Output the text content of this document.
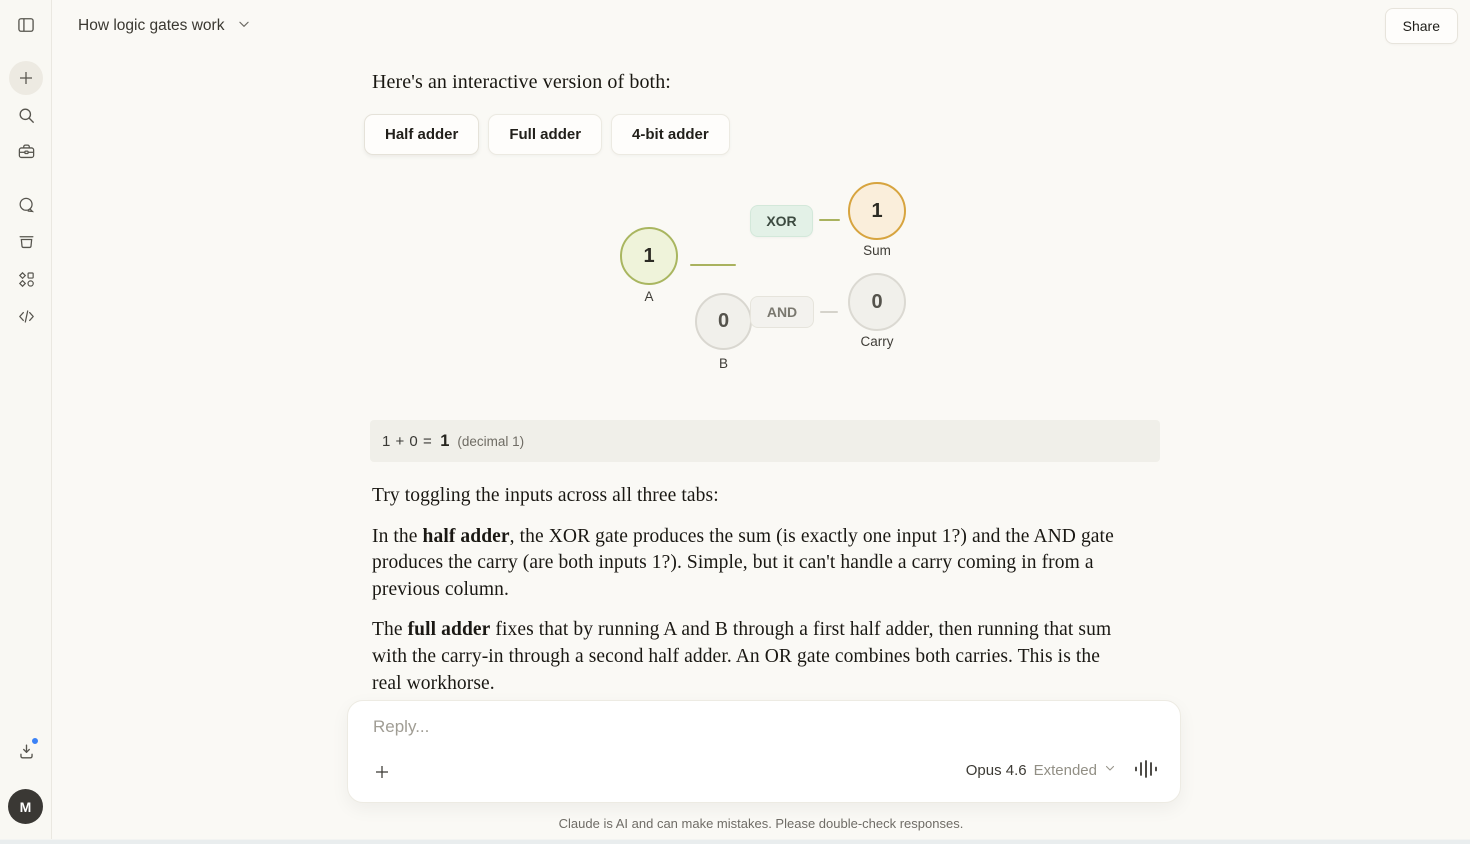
M
How logic gates work	Share

Here's an interactive version of both:

Half adder	Full adder	4-bit adder
1
A
0
B
XOR
AND
1
Sum
0
Carry
1 + 0 = 1 (decimal 1)

Try toggling the inputs across all three tabs:

In the half adder, the XOR gate produces the sum (is exactly one input 1?) and the AND gate produces the carry (are both inputs 1?). Simple, but it can't handle a carry coming in from a previous column.

The full adder fixes that by running A and B through a first half adder, then running that sum with the carry-in through a second half adder. An OR gate combines both carries. This is the real workhorse.

Reply...
Opus 4.6 Extended
Claude is AI and can make mistakes. Please double-check responses.
